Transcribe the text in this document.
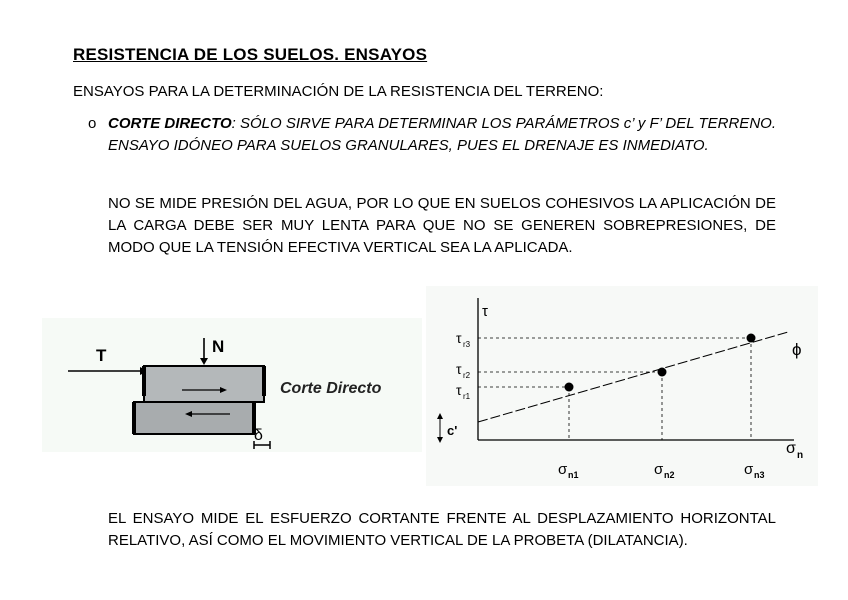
RESISTENCIA DE LOS SUELOS. ENSAYOS
ENSAYOS PARA LA DETERMINACIÓN DE LA RESISTENCIA DEL TERRENO:
o CORTE DIRECTO: SÓLO SIRVE PARA DETERMINAR LOS PARÁMETROS c’ y F’ DEL TERRENO. ENSAYO IDÓNEO PARA SUELOS GRANULARES, PUES EL DRENAJE ES INMEDIATO.
NO SE MIDE PRESIÓN DEL AGUA, POR LO QUE EN SUELOS COHESIVOS LA APLICACIÓN DE LA CARGA DEBE SER MUY LENTA PARA QUE NO SE GENEREN SOBREPRESIONES, DE MODO QUE LA TENSIÓN EFECTIVA VERTICAL SEA LA APLICADA.
T	N
Corte Directo
δ
τ
σ n
ϕ
τ r3
τ r2
τ r1
c'
σ n1	σ n2	σ n3
EL ENSAYO MIDE EL ESFUERZO CORTANTE FRENTE AL DESPLAZAMIENTO HORIZONTAL RELATIVO, ASÍ COMO EL MOVIMIENTO VERTICAL DE LA PROBETA (DILATANCIA).
